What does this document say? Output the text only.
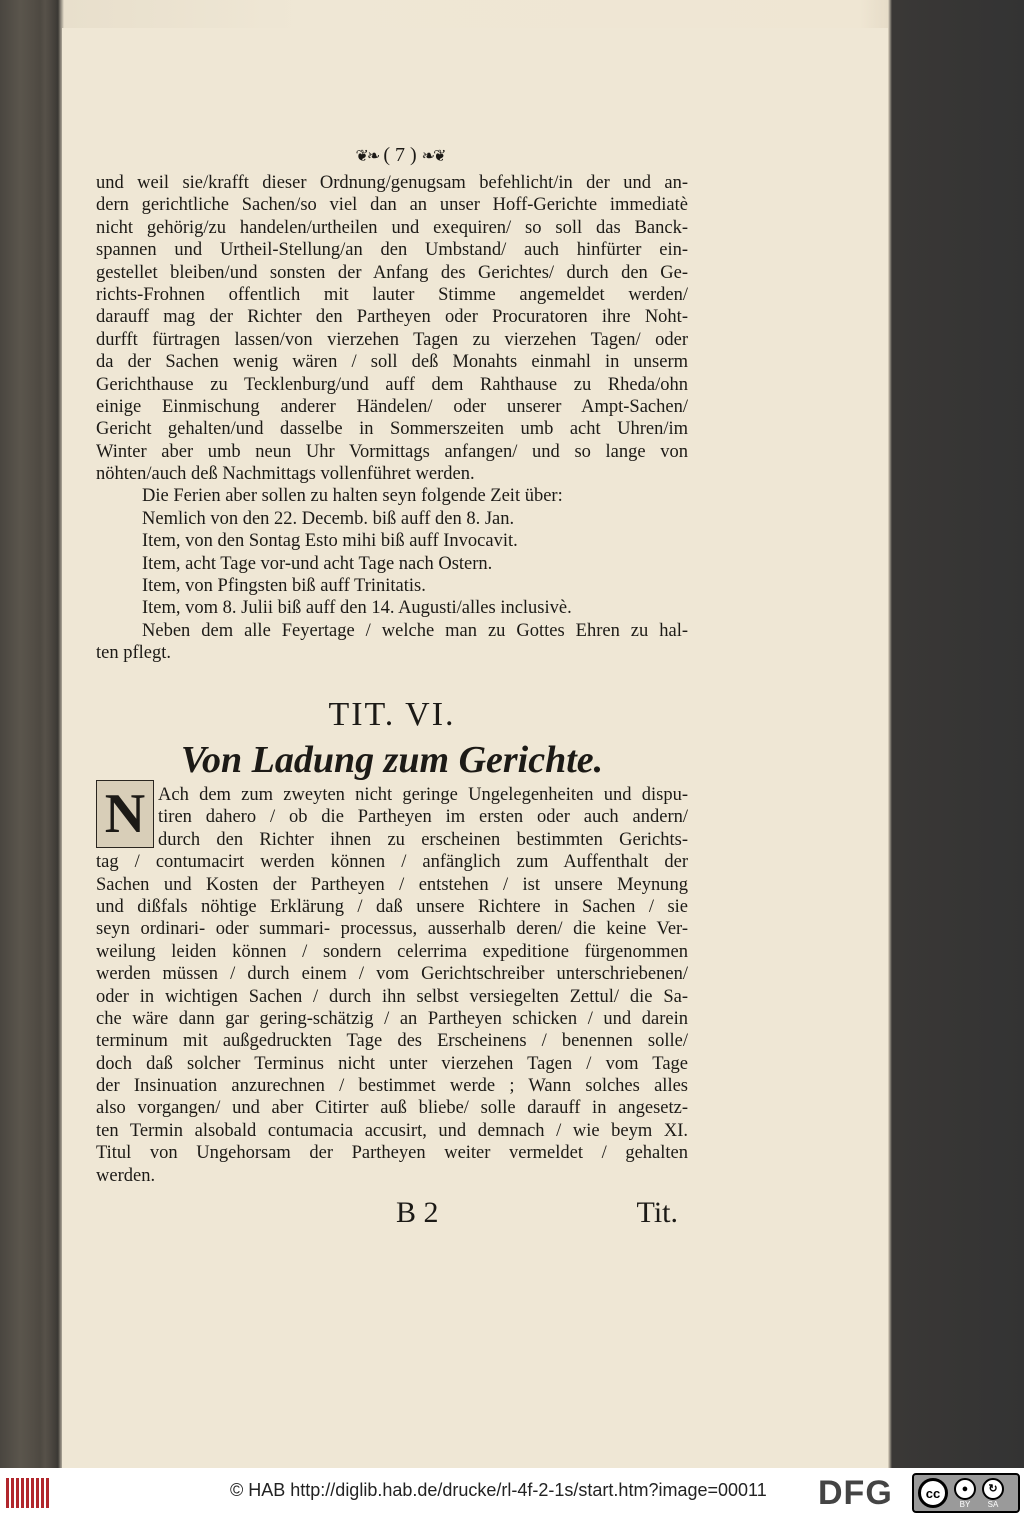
❦❧ ( 7 ) ❧❦
und weil sie/krafft dieser Ordnung/genugsam befehlicht/in der und an-
dern gerichtliche Sachen/so viel dan an unser Hoff-Gerichte immediatè
nicht gehörig/zu handelen/urtheilen und exequiren/ so soll das Banck-
spannen und Urtheil-Stellung/an den Umbstand/ auch hinfürter ein-
gestellet bleiben/und sonsten der Anfang des Gerichtes/ durch den Ge-
richts-Frohnen offentlich mit lauter Stimme angemeldet werden/
darauff mag der Richter den Partheyen oder Procuratoren ihre Noht-
durfft fürtragen lassen/von vierzehen Tagen zu vierzehen Tagen/ oder
da der Sachen wenig wären / soll deß Monahts einmahl in unserm
Gerichthause zu Tecklenburg/und auff dem Rahthause zu Rheda/ohn
einige Einmischung anderer Händelen/ oder unserer Ampt-Sachen/
Gericht gehalten/und dasselbe in Sommerszeiten umb acht Uhren/im
Winter aber umb neun Uhr Vormittags anfangen/ und so lange von
nöhten/auch deß Nachmittags vollenführet werden.
Die Ferien aber sollen zu halten seyn folgende Zeit über:
Nemlich von den 22. Decemb. biß auff den 8. Jan.
Item, von den Sontag Esto mihi biß auff Invocavit.
Item, acht Tage vor-und acht Tage nach Ostern.
Item, von Pfingsten biß auff Trinitatis.
Item, vom 8. Julii biß auff den 14. Augusti/alles inclusivè.
Neben dem alle Feyertage / welche man zu Gottes Ehren zu hal-
ten pflegt.
TIT. VI.
Von Ladung zum Gerichte.
N Ach dem zum zweyten nicht geringe Ungelegenheiten und dispu-
tiren dahero / ob die Partheyen im ersten oder auch andern/
durch den Richter ihnen zu erscheinen bestimmten Gerichts-
tag / contumacirt werden können / anfänglich zum Auffenthalt der
Sachen und Kosten der Partheyen / entstehen / ist unsere Meynung
und dißfals nöhtige Erklärung / daß unsere Richtere in Sachen / sie
seyn ordinari- oder summari- processus, ausserhalb deren/ die keine Ver-
weilung leiden können / sondern celerrima expeditione fürgenommen
werden müssen / durch einem / vom Gerichtschreiber unterschriebenen/
oder in wichtigen Sachen / durch ihn selbst versiegelten Zettul/ die Sa-
che wäre dann gar gering-schätzig / an Partheyen schicken / und darein
terminum mit außgedruckten Tage des Erscheinens / benennen solle/
doch daß solcher Terminus nicht unter vierzehen Tagen / vom Tage
der Insinuation anzurechnen / bestimmet werde ; Wann solches alles
also vorgangen/ und aber Citirter auß bliebe/ solle darauff in angesetz-
ten Termin alsobald contumacia accusirt, und demnach / wie beym XI.
Titul von Ungehorsam der Partheyen weiter vermeldet / gehalten
werden.
B 2	Tit.
© HAB http://diglib.hab.de/drucke/rl-4f-2-1s/start.htm?image=00011 DFG	cc	●
BY
↻
SA
